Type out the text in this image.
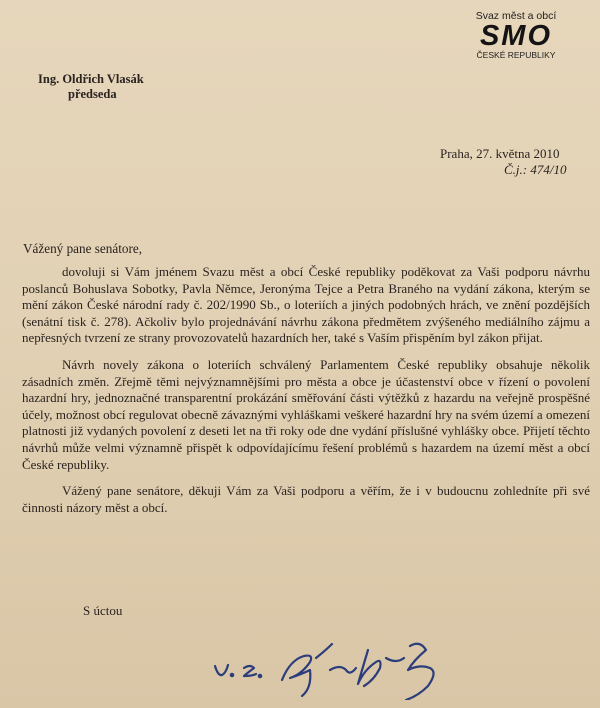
Svaz měst a obcí
SMO
ČESKÉ REPUBLIKY
Ing. Oldřich Vlasák
předseda
Praha, 27. května 2010
Č.j.: 474/10
Vážený pane senátore,

dovoluji si Vám jménem Svazu měst a obcí České republiky poděkovat za Vaši podporu návrhu poslanců Bohuslava Sobotky, Pavla Němce, Jeronýma Tejce a Petra Braného na vydání zákona, kterým se mění zákon České národní rady č. 202/1990 Sb., o loteriích a jiných podobných hrách, ve znění pozdějších (senátní tisk č. 278). Ačkoliv bylo projednávání návrhu zákona předmětem zvýšeného mediálního zájmu a nepřesných tvrzení ze strany provozovatelů hazardních her, také s Vaším přispěním byl zákon přijat.

Návrh novely zákona o loteriích schválený Parlamentem České republiky obsahuje několik zásadních změn. Zřejmě těmi nejvýznamnějšími pro města a obce je účastenství obce v řízení o povolení hazardní hry, jednoznačné transparentní prokázání směřování části výtěžků z hazardu na veřejně prospěšné účely, možnost obcí regulovat obecně závaznými vyhláškami veškeré hazardní hry na svém území a omezení platnosti již vydaných povolení z deseti let na tři roky ode dne vydání příslušné vyhlášky obce. Přijetí těchto návrhů může velmi významně přispět k odpovídajícímu řešení problémů s hazardem na území měst a obcí České republiky.

Vážený pane senátore, děkuji Vám za Vaši podporu a věřím, že i v budoucnu zohledníte při své činnosti názory měst a obcí.

S úctou
